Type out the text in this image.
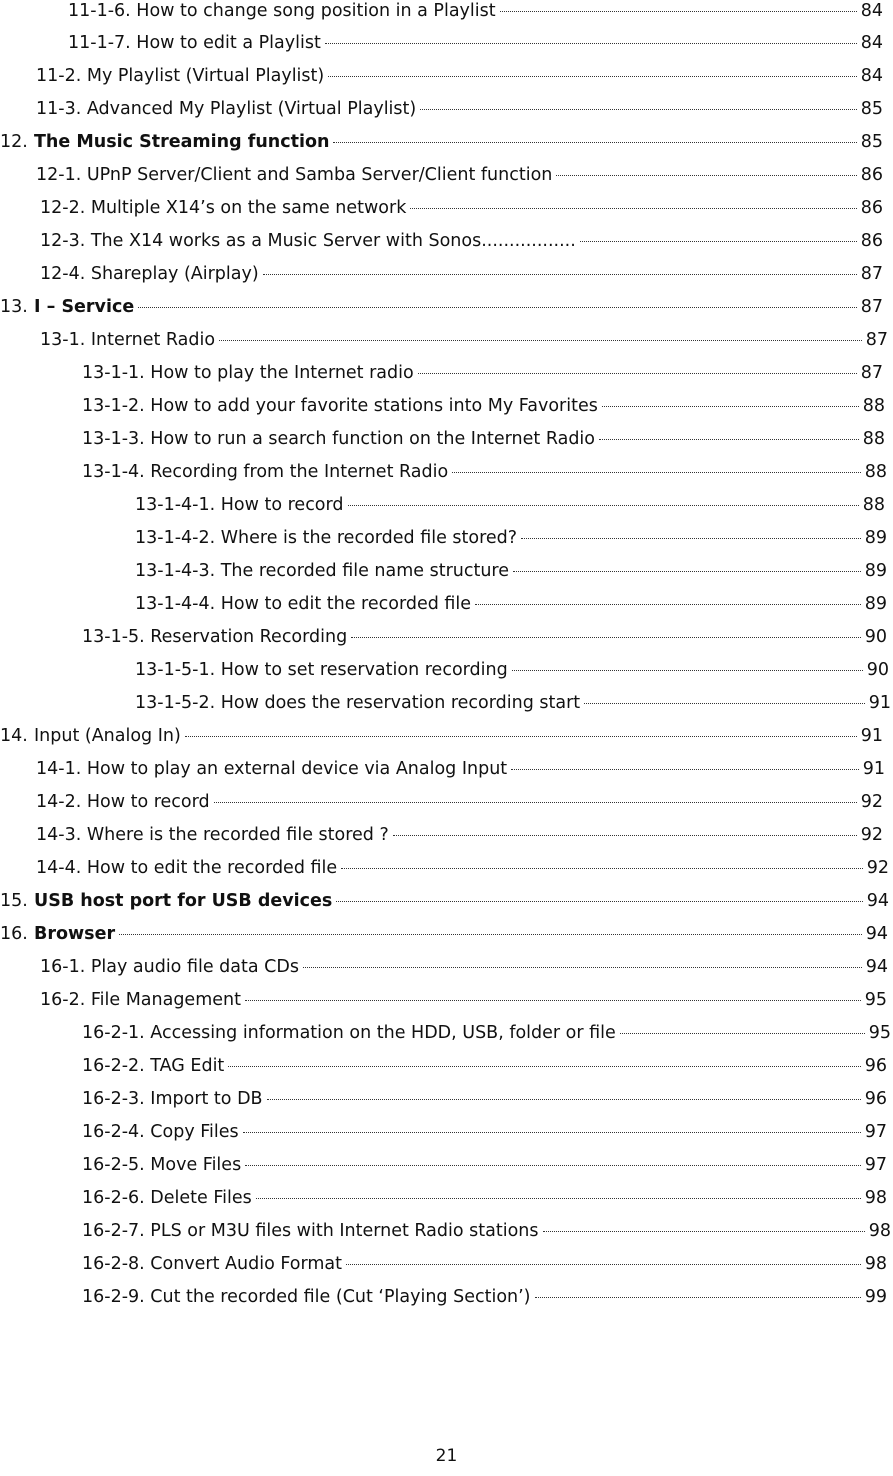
11-1-6. How to change song position in a Playlist	84
11-1-7. How to edit a Playlist	84
11-2. My Playlist (Virtual Playlist)	84
11-3. Advanced My Playlist (Virtual Playlist)	85
12. The Music Streaming function	85
12-1. UPnP Server/Client and Samba Server/Client function	86
12-2. Multiple X14’s on the same network	86
12-3. The X14 works as a Music Server with Sonos.................	86
12-4. Shareplay (Airplay)	87
13. I – Service	87
13-1. Internet Radio	87
13-1-1. How to play the Internet radio	87
13-1-2. How to add your favorite stations into My Favorites	88
13-1-3. How to run a search function on the Internet Radio	88
13-1-4. Recording from the Internet Radio	88
13-1-4-1. How to record	88
13-1-4-2. Where is the recorded file stored?	89
13-1-4-3. The recorded file name structure	89
13-1-4-4. How to edit the recorded file	89
13-1-5. Reservation Recording	90
13-1-5-1. How to set reservation recording	90
13-1-5-2. How does the reservation recording start	91
14. Input (Analog In)	91
14-1. How to play an external device via Analog Input	91
14-2. How to record	92
14-3. Where is the recorded file stored ?	92
14-4. How to edit the recorded file	92
15. USB host port for USB devices	94
16. Browser	94
16-1. Play audio file data CDs	94
16-2. File Management	95
16-2-1. Accessing information on the HDD, USB, folder or file	95
16-2-2. TAG Edit	96
16-2-3. Import to DB	96
16-2-4. Copy Files	97
16-2-5. Move Files	97
16-2-6. Delete Files	98
16-2-7. PLS or M3U files with Internet Radio stations	98
16-2-8. Convert Audio Format	98
16-2-9. Cut the recorded file (Cut ‘Playing Section’)	99
21
